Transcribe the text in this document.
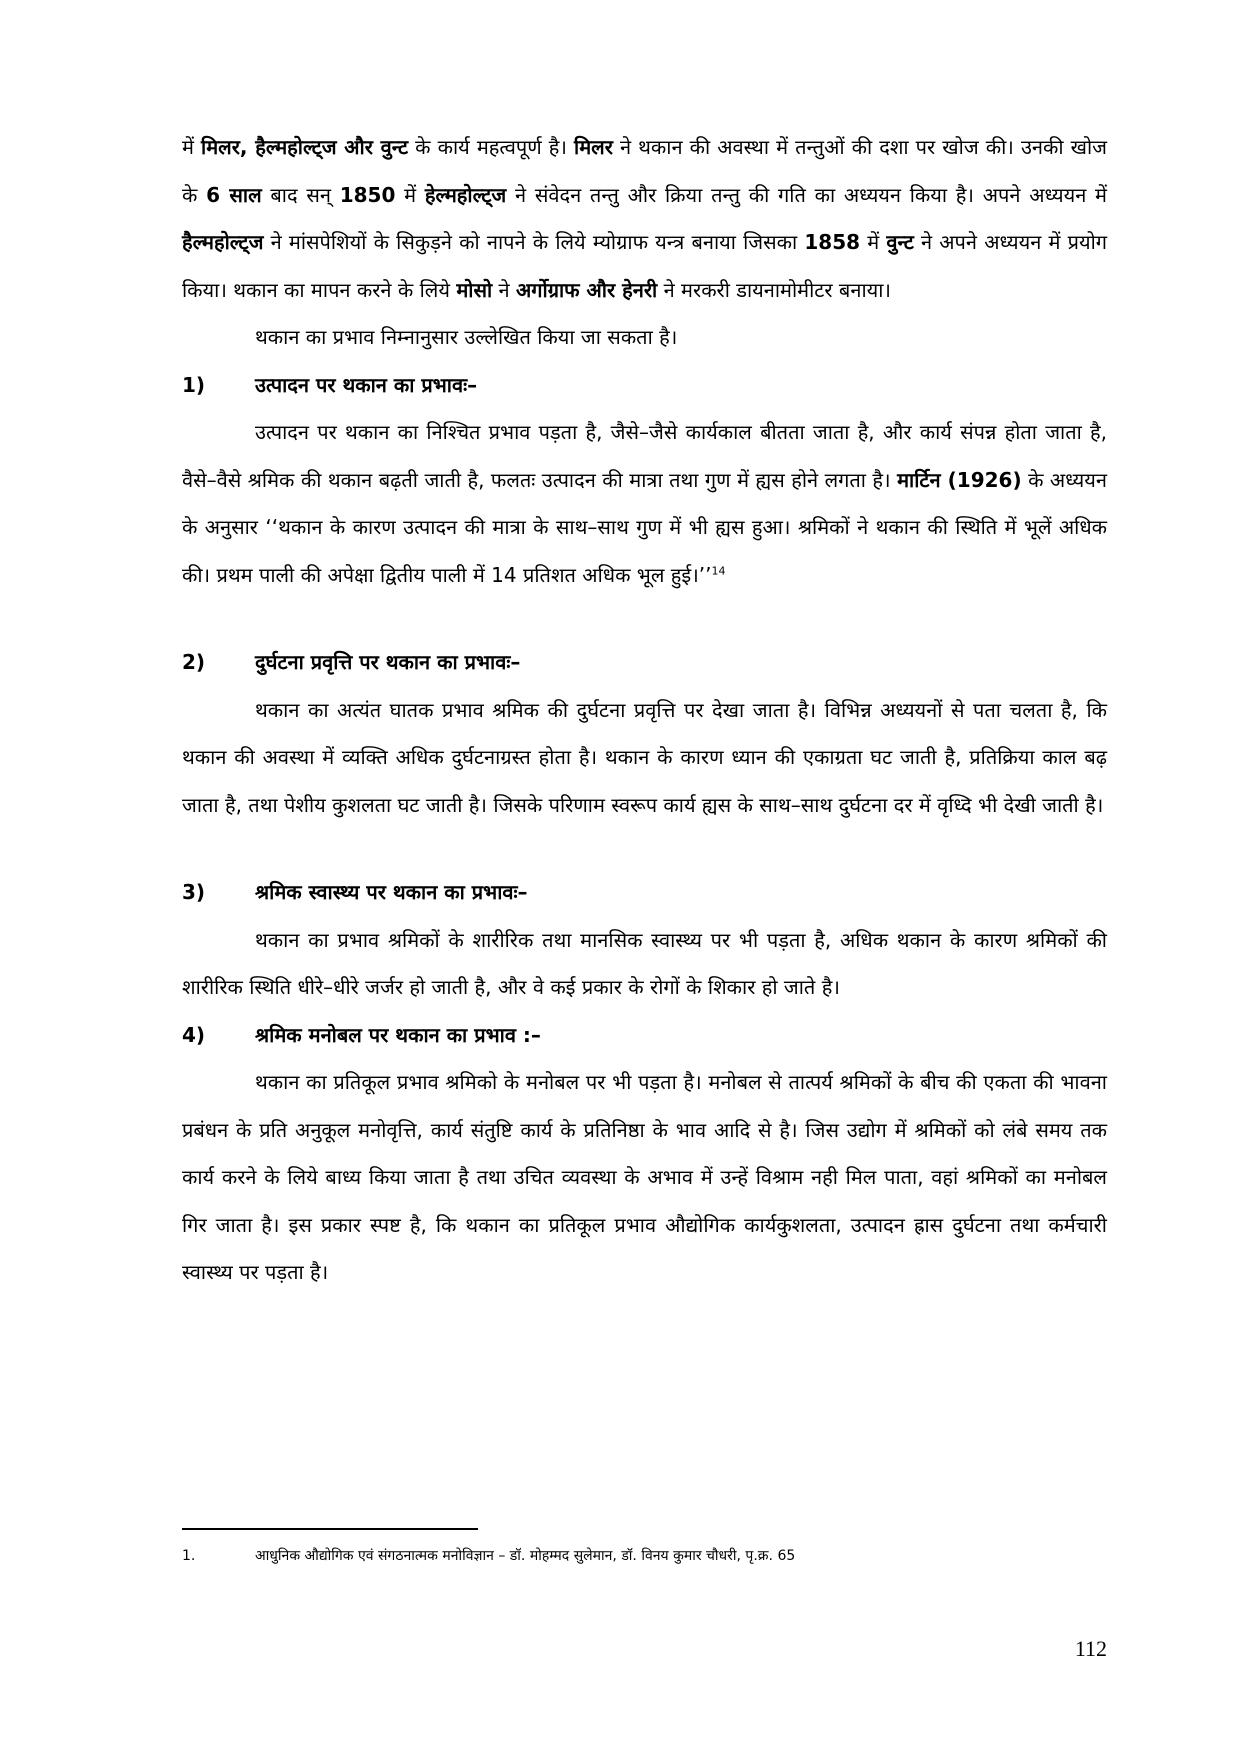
में मिलर, हैल्महोल्ट्ज और वुन्ट के कार्य महत्वपूर्ण है। मिलर ने थकान की अवस्था में तन्तुओं की दशा पर खोज की। उनकी खोज के 6 साल बाद सन् 1850 में हेल्महोल्ट्ज ने संवेदन तन्तु और क्रिया तन्तु की गति का अध्ययन किया है। अपने अध्ययन में हैल्महोल्ट्ज ने मांसपेशियों के सिकुड़ने को नापने के लिये म्योग्राफ यन्त्र बनाया जिसका 1858 में वुन्ट ने अपने अध्ययन में प्रयोग किया। थकान का मापन करने के लिये मोसो ने अर्गोग्राफ और हेनरी ने मरकरी डायनामोमीटर बनाया।

थकान का प्रभाव निम्नानुसार उल्लेखित किया जा सकता है।

1)	उत्पादन पर थकान का प्रभावः–

उत्पादन पर थकान का निश्चित प्रभाव पड़ता है, जैसे–जैसे कार्यकाल बीतता जाता है, और कार्य संपन्न होता जाता है, वैसे–वैसे श्रमिक की थकान बढ़ती जाती है, फलतः उत्पादन की मात्रा तथा गुण में ह्यस होने लगता है। मार्टिन (1926) के अध्ययन के अनुसार ‘‘थकान के कारण उत्पादन की मात्रा के साथ–साथ गुण में भी ह्यस हुआ। श्रमिकों ने थकान की स्थिति में भूलें अधिक की। प्रथम पाली की अपेक्षा द्वितीय पाली में 14 प्रतिशत अधिक भूल हुई।’’$^{14}$

2)	दुर्घटना प्रवृत्ति पर थकान का प्रभावः–

थकान का अत्यंत घातक प्रभाव श्रमिक की दुर्घटना प्रवृत्ति पर देखा जाता है। विभिन्न अध्ययनों से पता चलता है, कि थकान की अवस्था में व्यक्ति अधिक दुर्घटनाग्रस्त होता है। थकान के कारण ध्यान की एकाग्रता घट जाती है, प्रतिक्रिया काल बढ़ जाता है, तथा पेशीय कुशलता घट जाती है। जिसके परिणाम स्वरूप कार्य ह्यस के साथ–साथ दुर्घटना दर में वृध्दि भी देखी जाती है।

3)	श्रमिक स्वास्थ्य पर थकान का प्रभावः–

थकान का प्रभाव श्रमिकों के शारीरिक तथा मानसिक स्वास्थ्य पर भी पड़ता है, अधिक थकान के कारण श्रमिकों की शारीरिक स्थिति धीरे–धीरे जर्जर हो जाती है, और वे कई प्रकार के रोगों के शिकार हो जाते है।

4)	श्रमिक मनोबल पर थकान का प्रभाव :–

थकान का प्रतिकूल प्रभाव श्रमिको के मनोबल पर भी पड़ता है। मनोबल से तात्पर्य श्रमिकों के बीच की एकता की भावना प्रबंधन के प्रति अनुकूल मनोवृत्ति, कार्य संतुष्टि कार्य के प्रतिनिष्ठा के भाव आदि से है। जिस उद्योग में श्रमिकों को लंबे समय तक कार्य करने के लिये बाध्य किया जाता है तथा उचित व्यवस्था के अभाव में उन्हें विश्राम नही मिल पाता, वहां श्रमिकों का मनोबल गिर जाता है। इस प्रकार स्पष्ट है, कि थकान का प्रतिकूल प्रभाव औद्योगिक कार्यकुशलता, उत्पादन ह्रास दुर्घटना तथा कर्मचारी स्वास्थ्य पर पड़ता है।

1.	आधुनिक औद्योगिक एवं संगठनात्मक मनोविज्ञान – डॉ. मोहम्मद सुलेमान, डॉ. विनय कुमार चौधरी, पृ.क्र. 65
112
